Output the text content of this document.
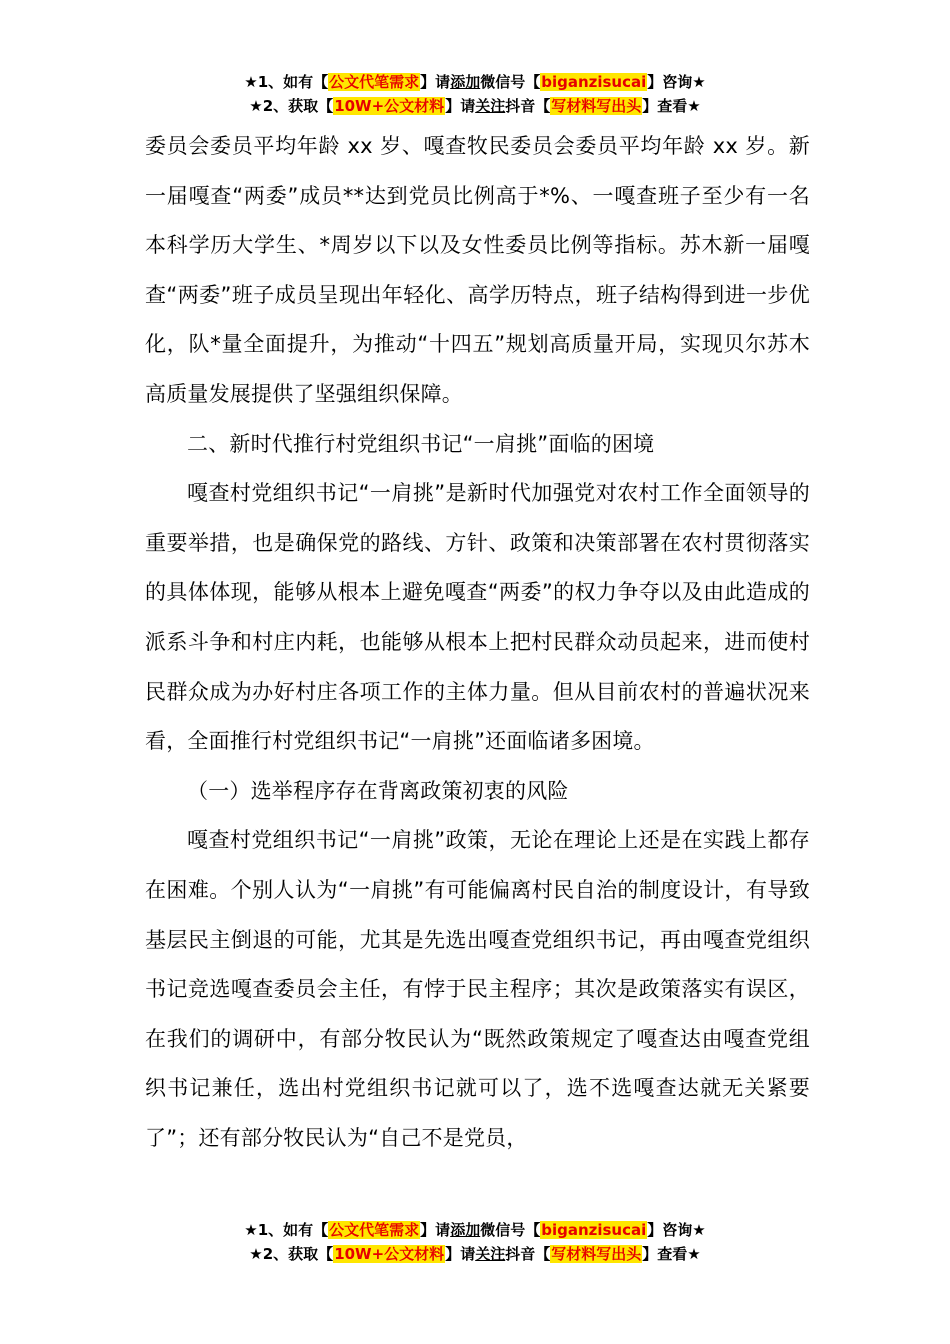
★1、如有【公文代笔需求】请添加微信号【biganzisucai】咨询★
★2、获取【10W+公文材料】请关注抖音【写材料写出头】查看★

委员会委员平均年龄 xx 岁、嘎查牧民委员会委员平均年龄 xx 岁。新一届嘎查“两委”成员**达到党员比例高于*%、一嘎查班子至少有一名本科学历大学生、*周岁以下以及女性委员比例等指标。苏木新一届嘎查“两委”班子成员呈现出年轻化、高学历特点，班子结构得到进一步优化，队*量全面提升，为推动“十四五”规划高质量开局，实现贝尔苏木高质量发展提供了坚强组织保障。

二、新时代推行村党组织书记“一肩挑”面临的困境

嘎查村党组织书记“一肩挑”是新时代加强党对农村工作全面领导的重要举措，也是确保党的路线、方针、政策和决策部署在农村贯彻落实的具体体现，能够从根本上避免嘎查“两委”的权力争夺以及由此造成的派系斗争和村庄内耗，也能够从根本上把村民群众动员起来，进而使村民群众成为办好村庄各项工作的主体力量。但从目前农村的普遍状况来看，全面推行村党组织书记“一肩挑”还面临诸多困境。

（一）选举程序存在背离政策初衷的风险

嘎查村党组织书记“一肩挑”政策，无论在理论上还是在实践上都存在困难。个别人认为“一肩挑”有可能偏离村民自治的制度设计，有导致基层民主倒退的可能，尤其是先选出嘎查党组织书记，再由嘎查党组织书记竞选嘎查委员会主任，有悖于民主程序；其次是政策落实有误区，在我们的调研中，有部分牧民认为“既然政策规定了嘎查达由嘎查党组织书记兼任，选出村党组织书记就可以了，选不选嘎查达就无关紧要了”；还有部分牧民认为“自己不是党员，

★1、如有【公文代笔需求】请添加微信号【biganzisucai】咨询★
★2、获取【10W+公文材料】请关注抖音【写材料写出头】查看★
